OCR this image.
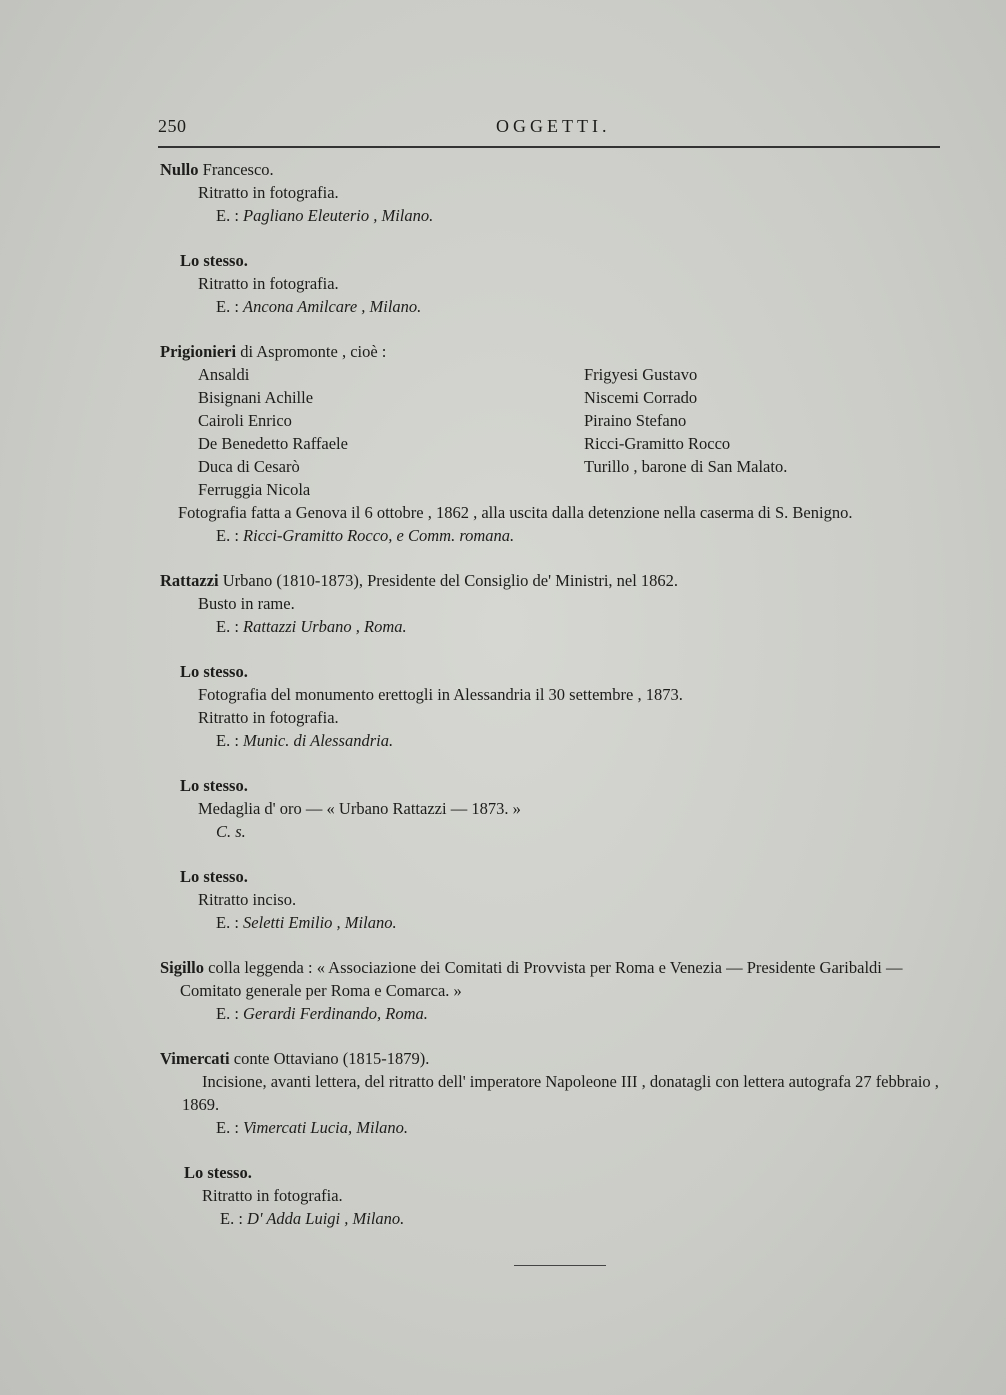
250	OGGETTI.
Nullo Francesco.
Ritratto in fotografia.
E. : Pagliano Eleuterio , Milano.
Lo stesso.
Ritratto in fotografia.
E. : Ancona Amilcare , Milano.
Prigionieri di Aspromonte , cioè :
Ansaldi
Bisignani Achille
Cairoli Enrico
De Benedetto Raffaele
Duca di Cesarò
Ferruggia Nicola
Frigyesi Gustavo
Niscemi Corrado
Piraino Stefano
Ricci-Gramitto Rocco
Turillo , barone di San Malato.
Fotografia fatta a Genova il 6 ottobre , 1862 , alla uscita dalla detenzione nella caserma di S. Benigno.
E. : Ricci-Gramitto Rocco, e Comm. romana.
Rattazzi Urbano (1810-1873), Presidente del Consiglio de' Ministri, nel 1862.
Busto in rame.
E. : Rattazzi Urbano , Roma.
Lo stesso.
Fotografia del monumento erettogli in Alessandria il 30 settembre , 1873.
Ritratto in fotografia.
E. : Munic. di Alessandria.
Lo stesso.
Medaglia d' oro — « Urbano Rattazzi — 1873. »
C. s.
Lo stesso.
Ritratto inciso.
E. : Seletti Emilio , Milano.
Sigillo colla leggenda : « Associazione dei Comitati di Provvista per Roma e Venezia — Presidente Garibaldi — Comitato generale per Roma e Comarca. »
E. : Gerardi Ferdinando, Roma.
Vimercati conte Ottaviano (1815-1879).
Incisione, avanti lettera, del ritratto dell' imperatore Napoleone III , donatagli con lettera autografa 27 febbraio , 1869.
E. : Vimercati Lucia, Milano.
Lo stesso.
Ritratto in fotografia.
E. : D' Adda Luigi , Milano.
